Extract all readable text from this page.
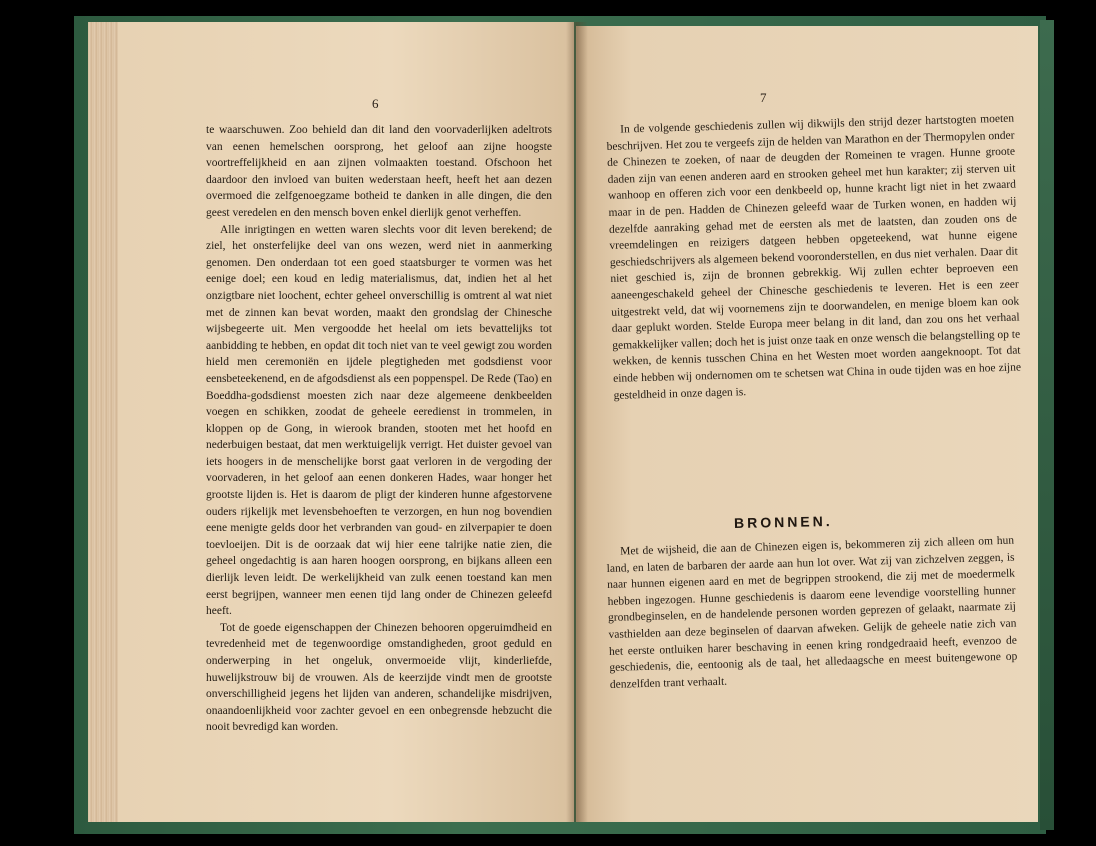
6

te waarschuwen. Zoo behield dan dit land den voorvaderlijken adeltrots van eenen hemelschen oorsprong, het geloof aan zijne hoogste voortreffelijkheid en aan zijnen volmaakten toestand. Ofschoon het daardoor den invloed van buiten wederstaan heeft, heeft het aan dezen overmoed die zelfgenoegzame botheid te danken in alle dingen, die den geest veredelen en den mensch boven enkel dierlijk genot verheffen.

Alle inrigtingen en wetten waren slechts voor dit leven berekend; de ziel, het onsterfelijke deel van ons wezen, werd niet in aanmerking genomen. Den onderdaan tot een goed staatsburger te vormen was het eenige doel; een koud en ledig materialismus, dat, indien het al het onzigtbare niet loochent, echter geheel onverschillig is omtrent al wat niet met de zinnen kan bevat worden, maakt den grondslag der Chinesche wijsbegeerte uit. Men vergoodde het heelal om iets bevattelijks tot aanbidding te hebben, en opdat dit toch niet van te veel gewigt zou worden hield men ceremoniën en ijdele plegtigheden met godsdienst voor eensbeteekenend, en de afgodsdienst als een poppenspel. De Rede (Tao) en Boeddha-godsdienst moesten zich naar deze algemeene denkbeelden voegen en schikken, zoodat de geheele eeredienst in trommelen, in kloppen op de Gong, in wierook branden, stooten met het hoofd en nederbuigen bestaat, dat men werktuigelijk verrigt. Het duister gevoel van iets hoogers in de menschelijke borst gaat verloren in de vergoding der voorvaderen, in het geloof aan eenen donkeren Hades, waar honger het grootste lijden is. Het is daarom de pligt der kinderen hunne afgestorvene ouders rijkelijk met levensbehoeften te verzorgen, en hun nog bovendien eene menigte gelds door het verbranden van goud- en zilverpapier te doen toevloeijen. Dit is de oorzaak dat wij hier eene talrijke natie zien, die geheel ongedachtig is aan haren hoogen oorsprong, en bijkans alleen een dierlijk leven leidt. De werkelijkheid van zulk eenen toestand kan men eerst begrijpen, wanneer men eenen tijd lang onder de Chinezen geleefd heeft.

Tot de goede eigenschappen der Chinezen behooren opgeruimdheid en tevredenheid met de tegenwoordige omstandigheden, groot geduld en onderwerping in het ongeluk, onvermoeide vlijt, kinderliefde, huwelijkstrouw bij de vrouwen. Als de keerzijde vindt men de grootste onverschilligheid jegens het lijden van anderen, schandelijke misdrijven, onaandoenlijkheid voor zachter gevoel en een onbegrensde hebzucht die nooit bevredigd kan worden.

7

In de volgende geschiedenis zullen wij dikwijls den strijd dezer hartstogten moeten beschrijven. Het zou te vergeefs zijn de helden van Marathon en der Thermopylen onder de Chinezen te zoeken, of naar de deugden der Romeinen te vragen. Hunne groote daden zijn van eenen anderen aard en strooken geheel met hun karakter; zij sterven uit wanhoop en offeren zich voor een denkbeeld op, hunne kracht ligt niet in het zwaard maar in de pen. Hadden de Chinezen geleefd waar de Turken wonen, en hadden wij dezelfde aanraking gehad met de eersten als met de laatsten, dan zouden ons de vreemdelingen en reizigers datgeen hebben opgeteekend, wat hunne eigene geschiedschrijvers als algemeen bekend vooronderstellen, en dus niet verhalen. Daar dit niet geschied is, zijn de bronnen gebrekkig. Wij zullen echter beproeven een aaneengeschakeld geheel der Chinesche geschiedenis te leveren. Het is een zeer uitgestrekt veld, dat wij voornemens zijn te doorwandelen, en menige bloem kan ook daar geplukt worden. Stelde Europa meer belang in dit land, dan zou ons het verhaal gemakkelijker vallen; doch het is juist onze taak en onze wensch die belangstelling op te wekken, de kennis tusschen China en het Westen moet worden aangeknoopt. Tot dat einde hebben wij ondernomen om te schetsen wat China in oude tijden was en hoe zijne gesteldheid in onze dagen is.

BRONNEN.

Met de wijsheid, die aan de Chinezen eigen is, bekommeren zij zich alleen om hun land, en laten de barbaren der aarde aan hun lot over. Wat zij van zichzelven zeggen, is naar hunnen eigenen aard en met de begrippen strookend, die zij met de moedermelk hebben ingezogen. Hunne geschiedenis is daarom eene levendige voorstelling hunner grondbeginselen, en de handelende personen worden geprezen of gelaakt, naarmate zij vasthielden aan deze beginselen of daarvan afweken. Gelijk de geheele natie zich van het eerste ontluiken harer beschaving in eenen kring rondgedraaid heeft, evenzoo de geschiedenis, die, eentoonig als de taal, het alledaagsche en meest buitengewone op denzelfden trant verhaalt.
